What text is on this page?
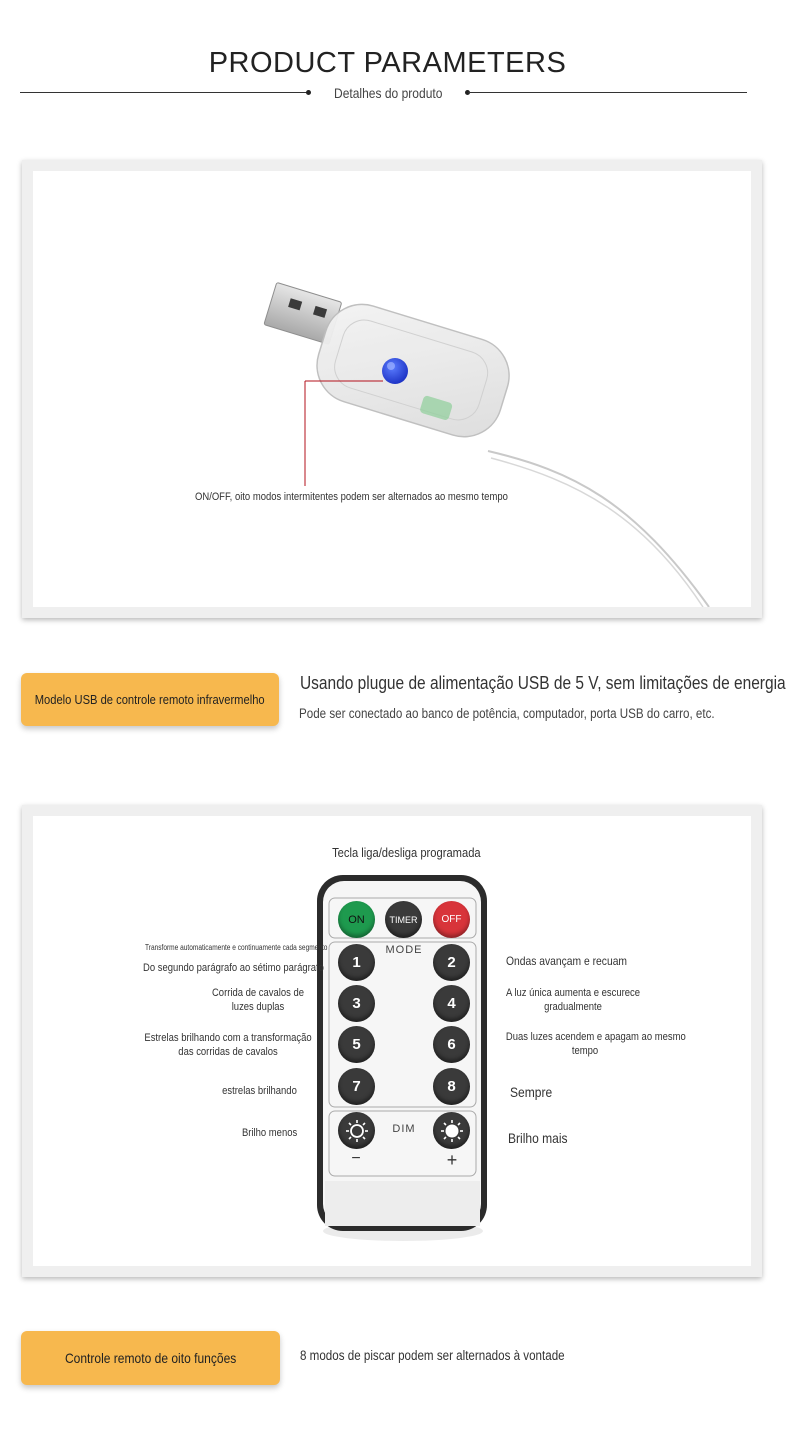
PRODUCT PARAMETERS
Detalhes do produto
ON/OFF, oito modos intermitentes podem ser alternados ao mesmo tempo
Modelo USB de controle remoto infravermelho
Usando plugue de alimentação USB de 5 V, sem limitações de energia
Pode ser conectado ao banco de potência, computador, porta USB do carro, etc.
ON	TIMER OFF
MODE
1	2
3	4
5	6
7	8
DIM
−	+
Tecla liga/desliga programada
Transforme automaticamente e continuamente cada segmento
Do segundo parágrafo ao sétimo parágrafo
Corrida de cavalos de
luzes duplas
Estrelas brilhando com a transformação
das corridas de cavalos
estrelas brilhando
Brilho menos
Ondas avançam e recuam
A luz única aumenta e escurece
gradualmente
Duas luzes acendem e apagam ao mesmo
tempo
Sempre
Brilho mais
Controle remoto de oito funções	8 modos de piscar podem ser alternados à vontade
